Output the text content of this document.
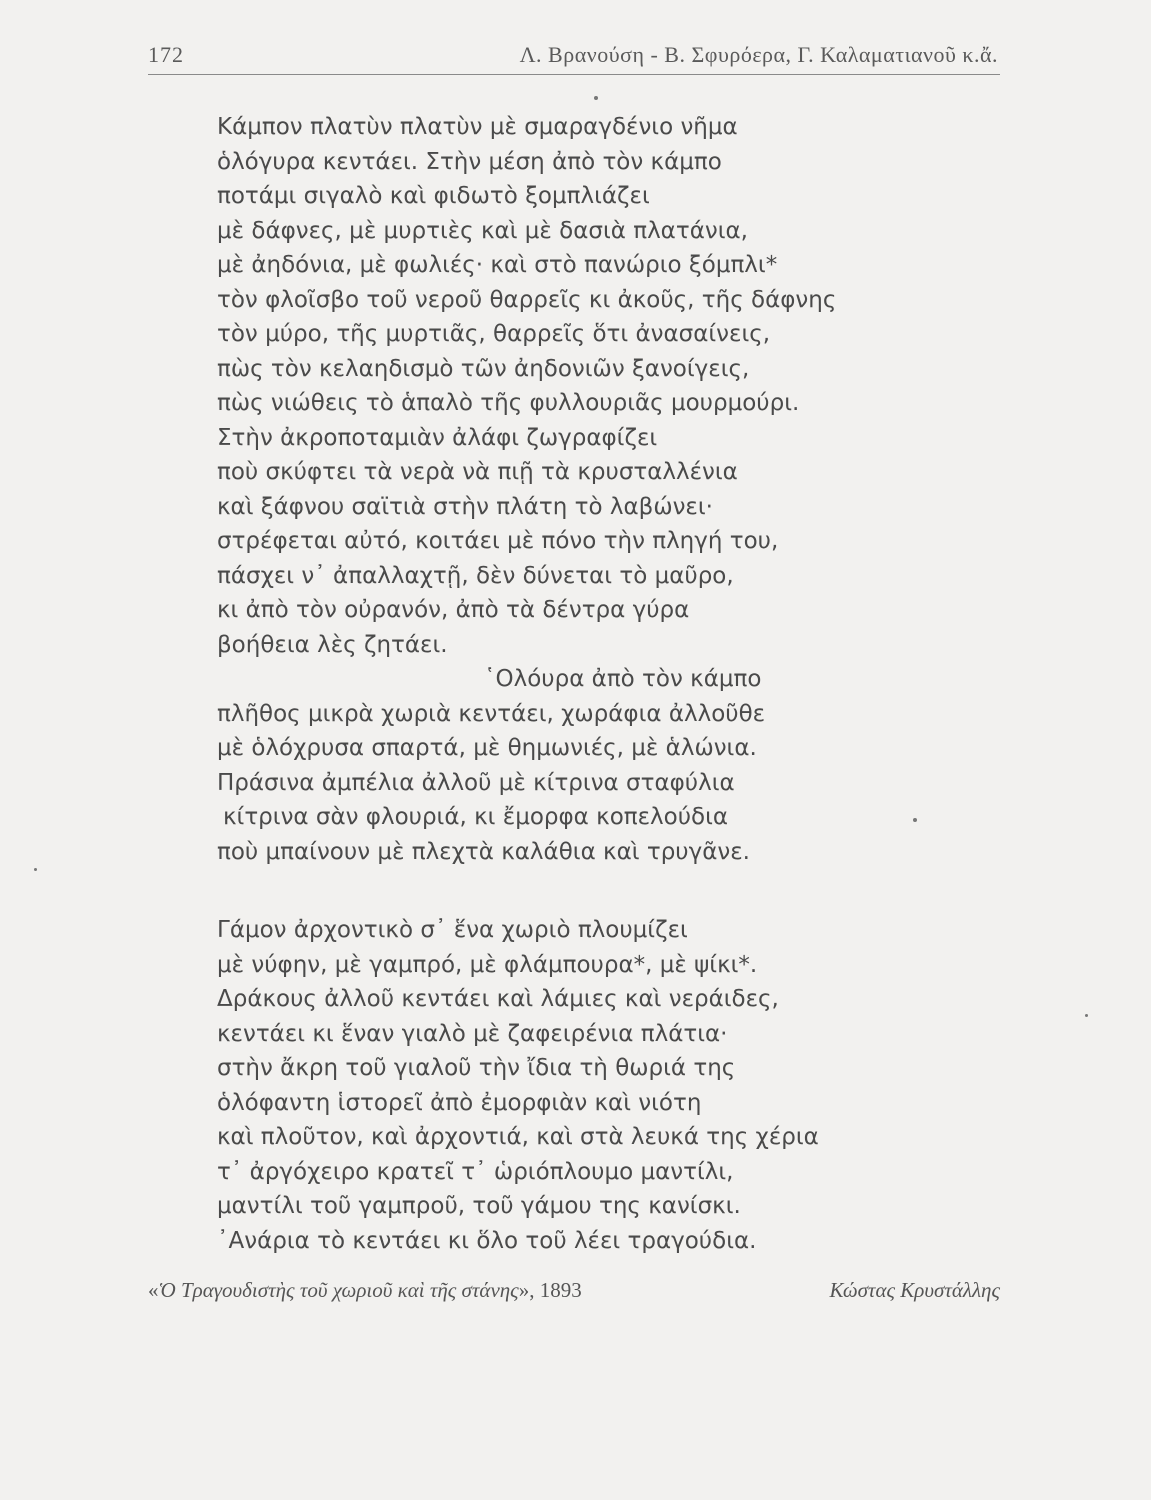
172	Λ. Βρανούση - Β. Σφυρόερα, Γ. Καλαματιανοῦ κ.ἄ.
Κάμπον πλατὺν πλατὺν μὲ σμαραγδένιο νῆμα
ὁλόγυρα κεντάει. Στὴν μέση ἀπὸ τὸν κάμπο
ποτάμι σιγαλὸ καὶ φιδωτὸ ξομπλιάζει
μὲ δάφνες, μὲ μυρτιὲς καὶ μὲ δασιὰ πλατάνια,
μὲ ἀηδόνια, μὲ φωλιές· καὶ στὸ πανώριο ξόμπλι*
τὸν φλοῖσβο τοῦ νεροῦ θαρρεῖς κι ἀκοῦς, τῆς δάφνης
τὸν μύρο, τῆς μυρτιᾶς, θαρρεῖς ὅτι ἀνασαίνεις,
πὼς τὸν κελαηδισμὸ τῶν ἀηδονιῶν ξανοίγεις,
πὼς νιώθεις τὸ ἁπαλὸ τῆς φυλλουριᾶς μουρμούρι.
Στὴν ἀκροποταμιὰν ἀλάφι ζωγραφίζει
ποὺ σκύφτει τὰ νερὰ νὰ πιῇ τὰ κρυσταλλένια
καὶ ξάφνου σαϊτιὰ στὴν πλάτη τὸ λαβώνει·
στρέφεται αὐτό, κοιτάει μὲ πόνο τὴν πληγή του,
πάσχει ν᾿ ἀπαλλαχτῇ, δὲν δύνεται τὸ μαῦρο,
κι ἀπὸ τὸν οὐρανόν, ἀπὸ τὰ δέντρα γύρα
βοήθεια λὲς ζητάει.
῾Ολόυρα ἀπὸ τὸν κάμπο
πλῆθος μικρὰ χωριὰ κεντάει, χωράφια ἀλλοῦθε
μὲ ὁλόχρυσα σπαρτά, μὲ θημωνιές, μὲ ἁλώνια.
Πράσινα ἀμπέλια ἀλλοῦ μὲ κίτρινα σταφύλια
κίτρινα σὰν φλουριά, κι ἔμορφα κοπελούδια
ποὺ μπαίνουν μὲ πλεχτὰ καλάθια καὶ τρυγᾶνε.
Γάμον ἀρχοντικὸ σ᾿ ἕνα χωριὸ πλουμίζει
μὲ νύφην, μὲ γαμπρό, μὲ φλάμπουρα*, μὲ ψίκι*.
Δράκους ἀλλοῦ κεντάει καὶ λάμιες καὶ νεράιδες,
κεντάει κι ἕναν γιαλὸ μὲ ζαφειρένια πλάτια·
στὴν ἄκρη τοῦ γιαλοῦ τὴν ἴδια τὴ θωριά της
ὁλόφαντη ἱστορεῖ ἀπὸ ἐμορφιὰν καὶ νιότη
καὶ πλοῦτον, καὶ ἀρχοντιά, καὶ στὰ λευκά της χέρια
τ᾿ ἀργόχειρο κρατεῖ τ᾿ ὡριόπλουμο μαντίλι,
μαντίλι τοῦ γαμπροῦ, τοῦ γάμου της κανίσκι.
᾿Ανάρια τὸ κεντάει κι ὅλο τοῦ λέει τραγούδια.
«Ὁ Τραγουδιστὴς τοῦ χωριοῦ καὶ τῆς στάνης», 1893	Κώστας Κρυστάλλης
